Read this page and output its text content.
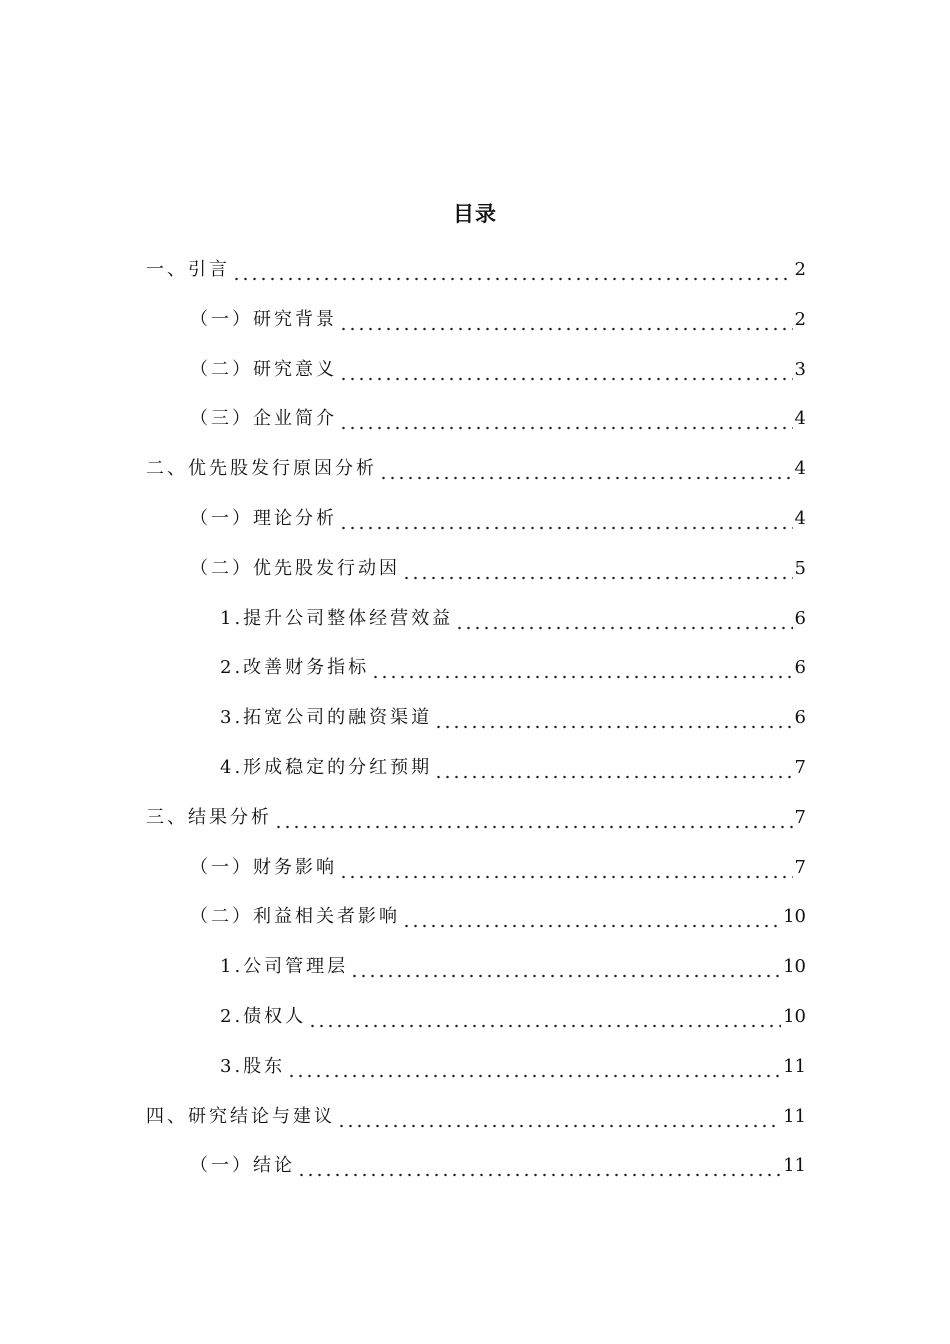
目录
一、引言	2
（一）研究背景	2
（二）研究意义	3
（三）企业简介	4
二、优先股发行原因分析	4
（一）理论分析	4
（二）优先股发行动因	5
1.提升公司整体经营效益	6
2.改善财务指标	6
3.拓宽公司的融资渠道	6
4.形成稳定的分红预期	7
三、结果分析	7
（一）财务影响	7
（二）利益相关者影响	10
1.公司管理层	10
2.债权人	10
3.股东	11
四、研究结论与建议	11
（一）结论	11
